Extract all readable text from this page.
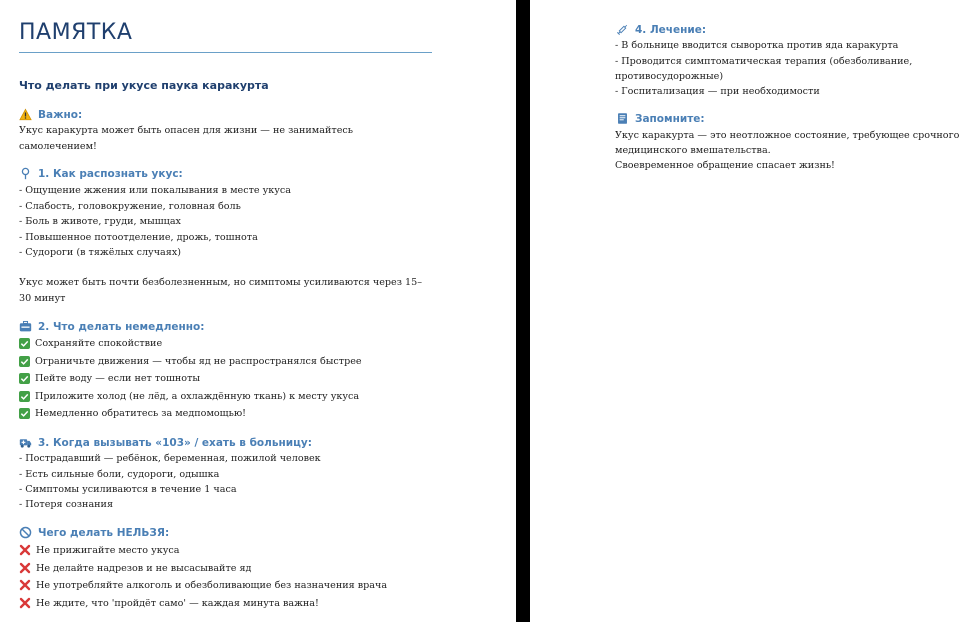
ПАМЯТКА
Что делать при укусе паука каракурта
Важно:
Укус каракурта может быть опасен для жизни — не занимайтесь
самолечением!
1. Как распознать укус:
- Ощущение жжения или покалывания в месте укуса
- Слабость, головокружение, головная боль
- Боль в животе, груди, мышцах
- Повышенное потоотделение, дрожь, тошнота
- Судороги (в тяжёлых случаях)
Укус может быть почти безболезненным, но симптомы усиливаются через 15–
30 минут
2. Что делать немедленно:
Сохраняйте спокойствие
Ограничьте движения — чтобы яд не распространялся быстрее
Пейте воду — если нет тошноты
Приложите холод (не лёд, а охлаждённую ткань) к месту укуса
Немедленно обратитесь за медпомощью!
3. Когда вызывать «103» / ехать в больницу:
- Пострадавший — ребёнок, беременная, пожилой человек
- Есть сильные боли, судороги, одышка
- Симптомы усиливаются в течение 1 часа
- Потеря сознания
Чего делать НЕЛЬЗЯ:
Не прижигайте место укуса
Не делайте надрезов и не высасывайте яд
Не употребляйте алкоголь и обезболивающие без назначения врача
Не ждите, что 'пройдёт само' — каждая минута важна!
4. Лечение:
- В больнице вводится сыворотка против яда каракурта
- Проводится симптоматическая терапия (обезболивание,
противосудорожные)
- Госпитализация — при необходимости
Запомните:
Укус каракурта — это неотложное состояние, требующее срочного
медицинского вмешательства.
Своевременное обращение спасает жизнь!
